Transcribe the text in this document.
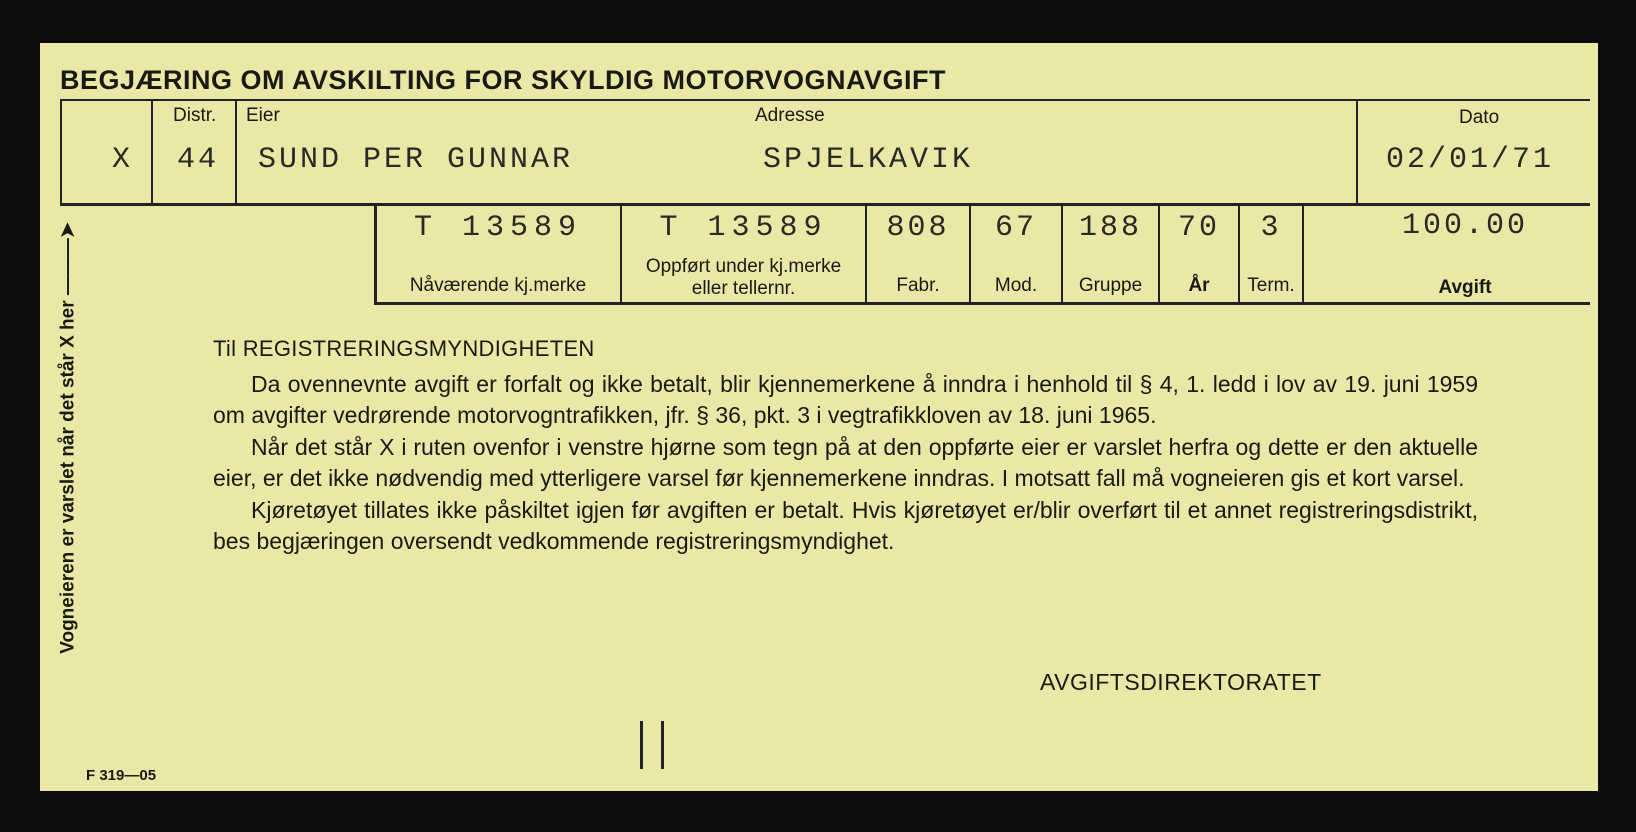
BEGJÆRING OM AVSKILTING FOR SKYLDIG MOTORVOGNAVGIFT
X
Distr.
44
Eier
SUND PER GUNNAR
Adresse
SPJELKAVIK
Dato
02/01/71
T 13589
Nåværende kj.merke
T 13589
Oppført under kj.merke
eller tellernr.
808
Fabr.
67
Mod.
188
Gruppe
70
År
3
Term.
100.00
Avgift
Vogneieren er varslet når det står X her ———➤

Til REGISTRERINGSMYNDIGHETEN

Da ovennevnte avgift er forfalt og ikke betalt, blir kjennemerkene å inndra i henhold til § 4, 1. ledd i lov av 19. juni 1959 om avgifter vedrørende motorvogntrafikken, jfr. § 36, pkt. 3 i vegtrafikkloven av 18. juni 1965.

Når det står X i ruten ovenfor i venstre hjørne som tegn på at den oppførte eier er varslet herfra og dette er den aktuelle eier, er det ikke nødvendig med ytterligere varsel før kjennemerkene inndras. I motsatt fall må vogneieren gis et kort varsel.

Kjøretøyet tillates ikke påskiltet igjen før avgiften er betalt. Hvis kjøretøyet er/blir overført til et annet registreringsdistrikt, bes begjæringen oversendt vedkommende registreringsmyndighet.

AVGIFTSDIREKTORATET
F 319—05
